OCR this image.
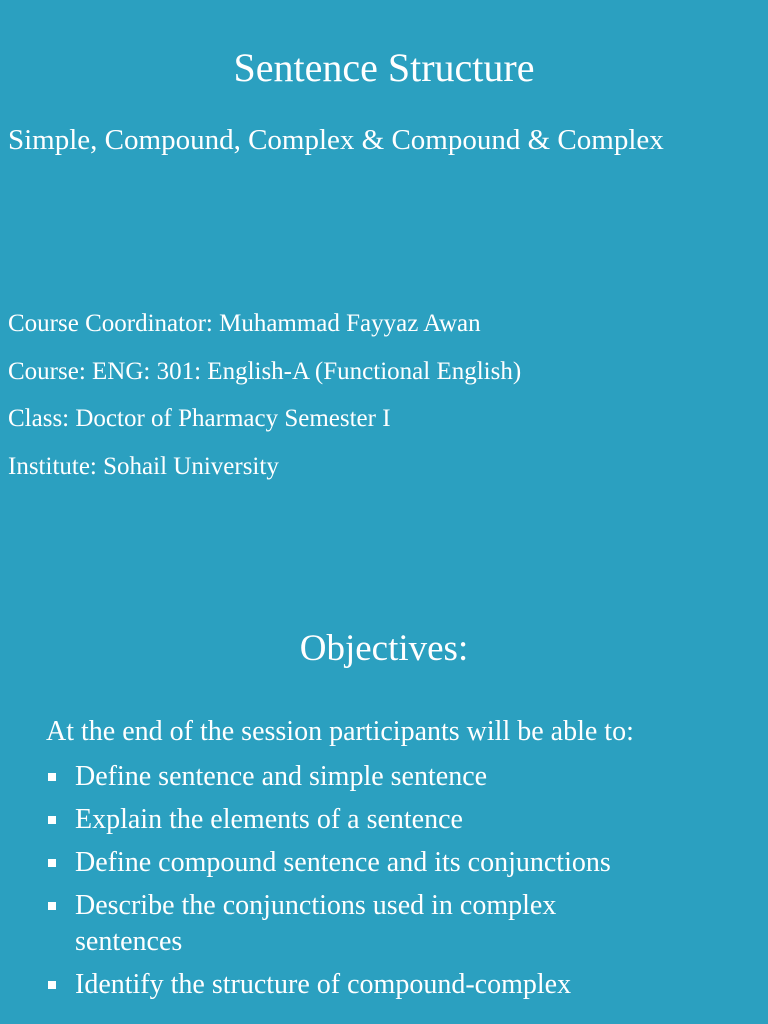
Sentence Structure
Simple, Compound, Complex & Compound & Complex
Course Coordinator: Muhammad Fayyaz Awan
Course: ENG: 301: English-A (Functional English)
Class: Doctor of Pharmacy Semester I
Institute: Sohail University
Objectives:
At the end of the session participants will be able to:
Define sentence and simple sentence
Explain the elements of a sentence
Define compound sentence and its conjunctions
Describe the conjunctions used in complex sentences
Identify the structure of compound-complex
